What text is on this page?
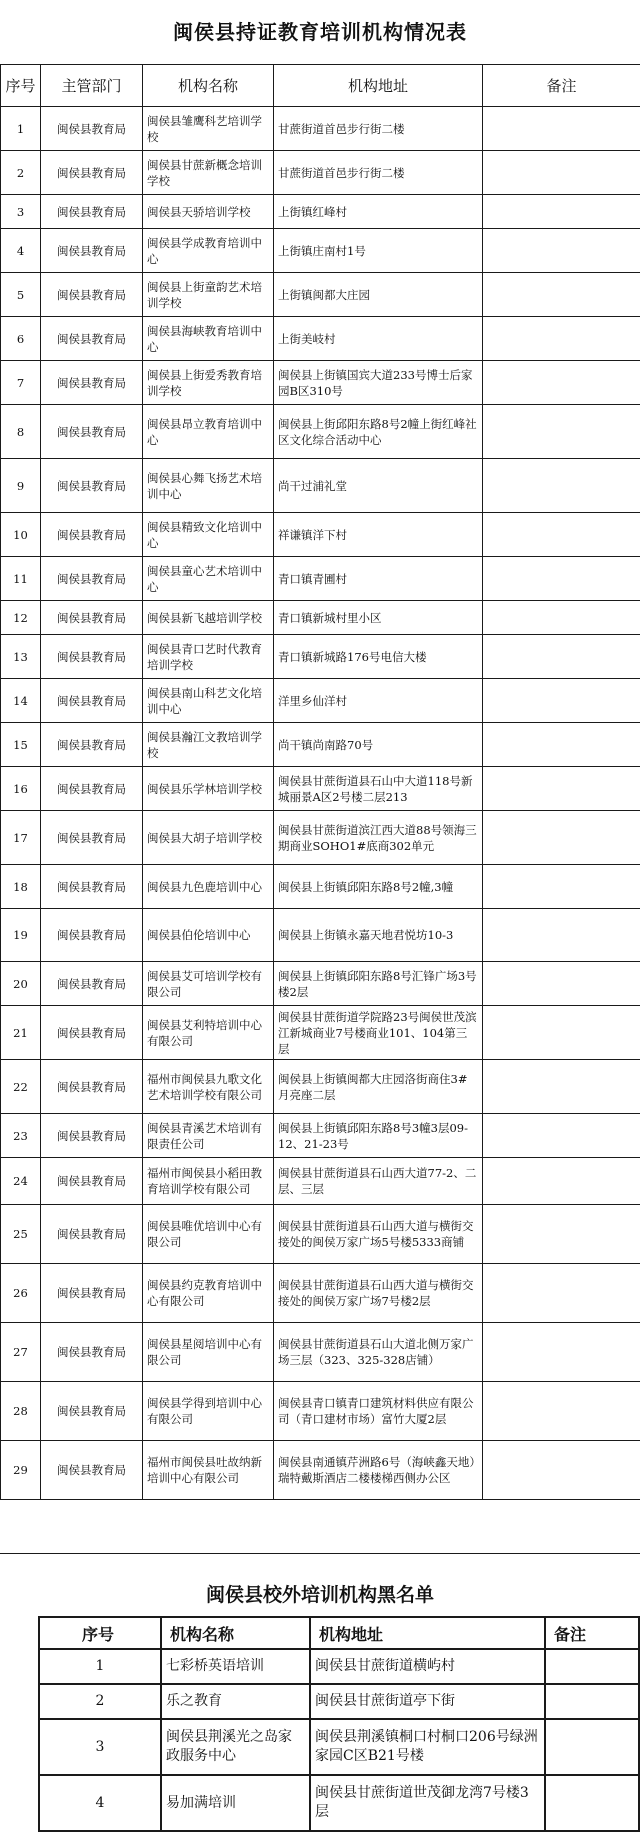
闽侯县持证教育培训机构情况表
序号	主管部门	机构名称	机构地址	备注
1	闽侯县教育局	闽侯县雏鹰科艺培训学校	甘蔗街道首邑步行街二楼	
2	闽侯县教育局	闽侯县甘蔗新概念培训学校	甘蔗街道首邑步行街二楼	
3	闽侯县教育局	闽侯县天骄培训学校	上街镇红峰村	
4	闽侯县教育局	闽侯县学成教育培训中心	上街镇庄南村1号	
5	闽侯县教育局	闽侯县上街童韵艺术培训学校	上街镇闽都大庄园	
6	闽侯县教育局	闽侯县海峡教育培训中心	上街美岐村	
7	闽侯县教育局	闽侯县上街爱秀教育培训学校	闽侯县上街镇国宾大道233号博士后家园B区310号	
8	闽侯县教育局	闽侯县昂立教育培训中心	闽侯县上街邱阳东路8号2幢上街红峰社区文化综合活动中心	
9	闽侯县教育局	闽侯县心舞飞扬艺术培训中心	尚干过浦礼堂	
10	闽侯县教育局	闽侯县精致文化培训中心	祥谦镇洋下村	
11	闽侯县教育局	闽侯县童心艺术培训中心	青口镇青圃村	
12	闽侯县教育局	闽侯县新飞越培训学校	青口镇新城村里小区	
13	闽侯县教育局	闽侯县青口艺时代教育培训学校	青口镇新城路176号电信大楼	
14	闽侯县教育局	闽侯县南山科艺文化培训中心	洋里乡仙洋村	
15	闽侯县教育局	闽侯县瀚江文教培训学校	尚干镇尚南路70号	
16	闽侯县教育局	闽侯县乐学林培训学校	闽侯县甘蔗街道县石山中大道118号新城丽景A区2号楼二层213	
17	闽侯县教育局	闽侯县大胡子培训学校	闽侯县甘蔗街道滨江西大道88号领海三期商业SOHO1#底商302单元	
18	闽侯县教育局	闽侯县九色鹿培训中心	闽侯县上街镇邱阳东路8号2幢,3幢	
19	闽侯县教育局	闽侯县伯伦培训中心	闽侯县上街镇永嘉天地君悦坊10-3	
20	闽侯县教育局	闽侯县艾可培训学校有限公司	闽侯县上街镇邱阳东路8号汇锋广场3号楼2层	
21	闽侯县教育局	闽侯县艾利特培训中心有限公司	闽侯县甘蔗街道学院路23号闽侯世茂滨江新城商业7号楼商业101、104第三层	
22	闽侯县教育局	福州市闽侯县九歌文化艺术培训学校有限公司	闽侯县上街镇闽都大庄园洛街商住3#月亮座二层	
23	闽侯县教育局	闽侯县青溪艺术培训有限责任公司	闽侯县上街镇邱阳东路8号3幢3层09-12、21-23号	
24	闽侯县教育局	福州市闽侯县小稻田教育培训学校有限公司	闽侯县甘蔗街道县石山西大道77-2、二层、三层	
25	闽侯县教育局	闽侯县唯优培训中心有限公司	闽侯县甘蔗街道县石山西大道与横街交接处的闽侯万家广场5号楼5333商铺	
26	闽侯县教育局	闽侯县约克教育培训中心有限公司	闽侯县甘蔗街道县石山西大道与横街交接处的闽侯万家广场7号楼2层	
27	闽侯县教育局	闽侯县星阅培训中心有限公司	闽侯县甘蔗街道县石山大道北侧万家广场三层（323、325-328店铺）	
28	闽侯县教育局	闽侯县学得到培训中心有限公司	闽侯县青口镇青口建筑材料供应有限公司（青口建材市场）富竹大厦2层	
29	闽侯县教育局	福州市闽侯县吐故纳新培训中心有限公司	闽侯县南通镇芹洲路6号（海峡鑫天地）瑞特戴斯酒店二楼楼梯西侧办公区	
闽侯县校外培训机构黑名单
序号	机构名称	机构地址	备注
1	七彩桥英语培训	闽侯县甘蔗街道横屿村	
2	乐之教育	闽侯县甘蔗街道亭下街	
3	闽侯县荆溪光之岛家政服务中心	闽侯县荆溪镇桐口村桐口206号绿洲家园C区B21号楼	
4	易加满培训	闽侯县甘蔗街道世茂御龙湾7号楼3层	
